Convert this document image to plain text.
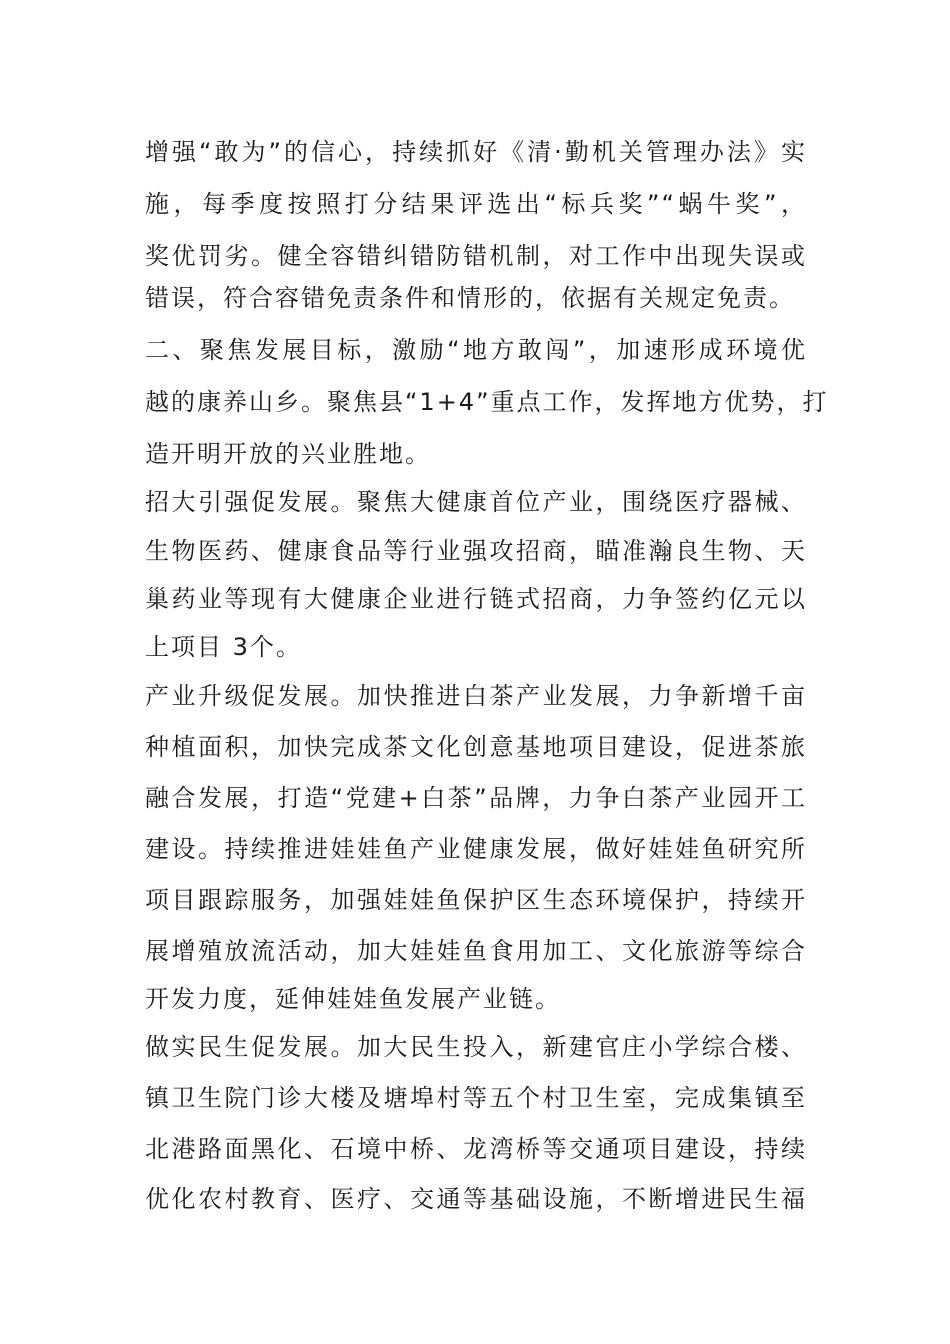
增强“敢为”的信心，持续抓好《清·勤机关管理办法》实
施，每季度按照打分结果评选出“标兵奖”“蜗牛奖”，
奖优罚劣。健全容错纠错防错机制，对工作中出现失误或
错误，符合容错免责条件和情形的，依据有关规定免责。
二、聚焦发展目标，激励“地方敢闯”，加速形成环境优
越的康养山乡。聚焦县“1+4”重点工作，发挥地方优势，打
造开明开放的兴业胜地。
招大引强促发展。聚焦大健康首位产业，围绕医疗器械、
生物医药、健康食品等行业强攻招商，瞄准瀚良生物、天
巢药业等现有大健康企业进行链式招商，力争签约亿元以
上项目 3个。
产业升级促发展。加快推进白茶产业发展，力争新增千亩
种植面积，加快完成茶文化创意基地项目建设，促进茶旅
融合发展，打造“党建+白茶”品牌，力争白茶产业园开工
建设。持续推进娃娃鱼产业健康发展，做好娃娃鱼研究所
项目跟踪服务，加强娃娃鱼保护区生态环境保护，持续开
展增殖放流活动，加大娃娃鱼食用加工、文化旅游等综合
开发力度，延伸娃娃鱼发展产业链。
做实民生促发展。加大民生投入，新建官庄小学综合楼、
镇卫生院门诊大楼及塘埠村等五个村卫生室，完成集镇至
北港路面黑化、石境中桥、龙湾桥等交通项目建设，持续
优化农村教育、医疗、交通等基础设施，不断增进民生福
